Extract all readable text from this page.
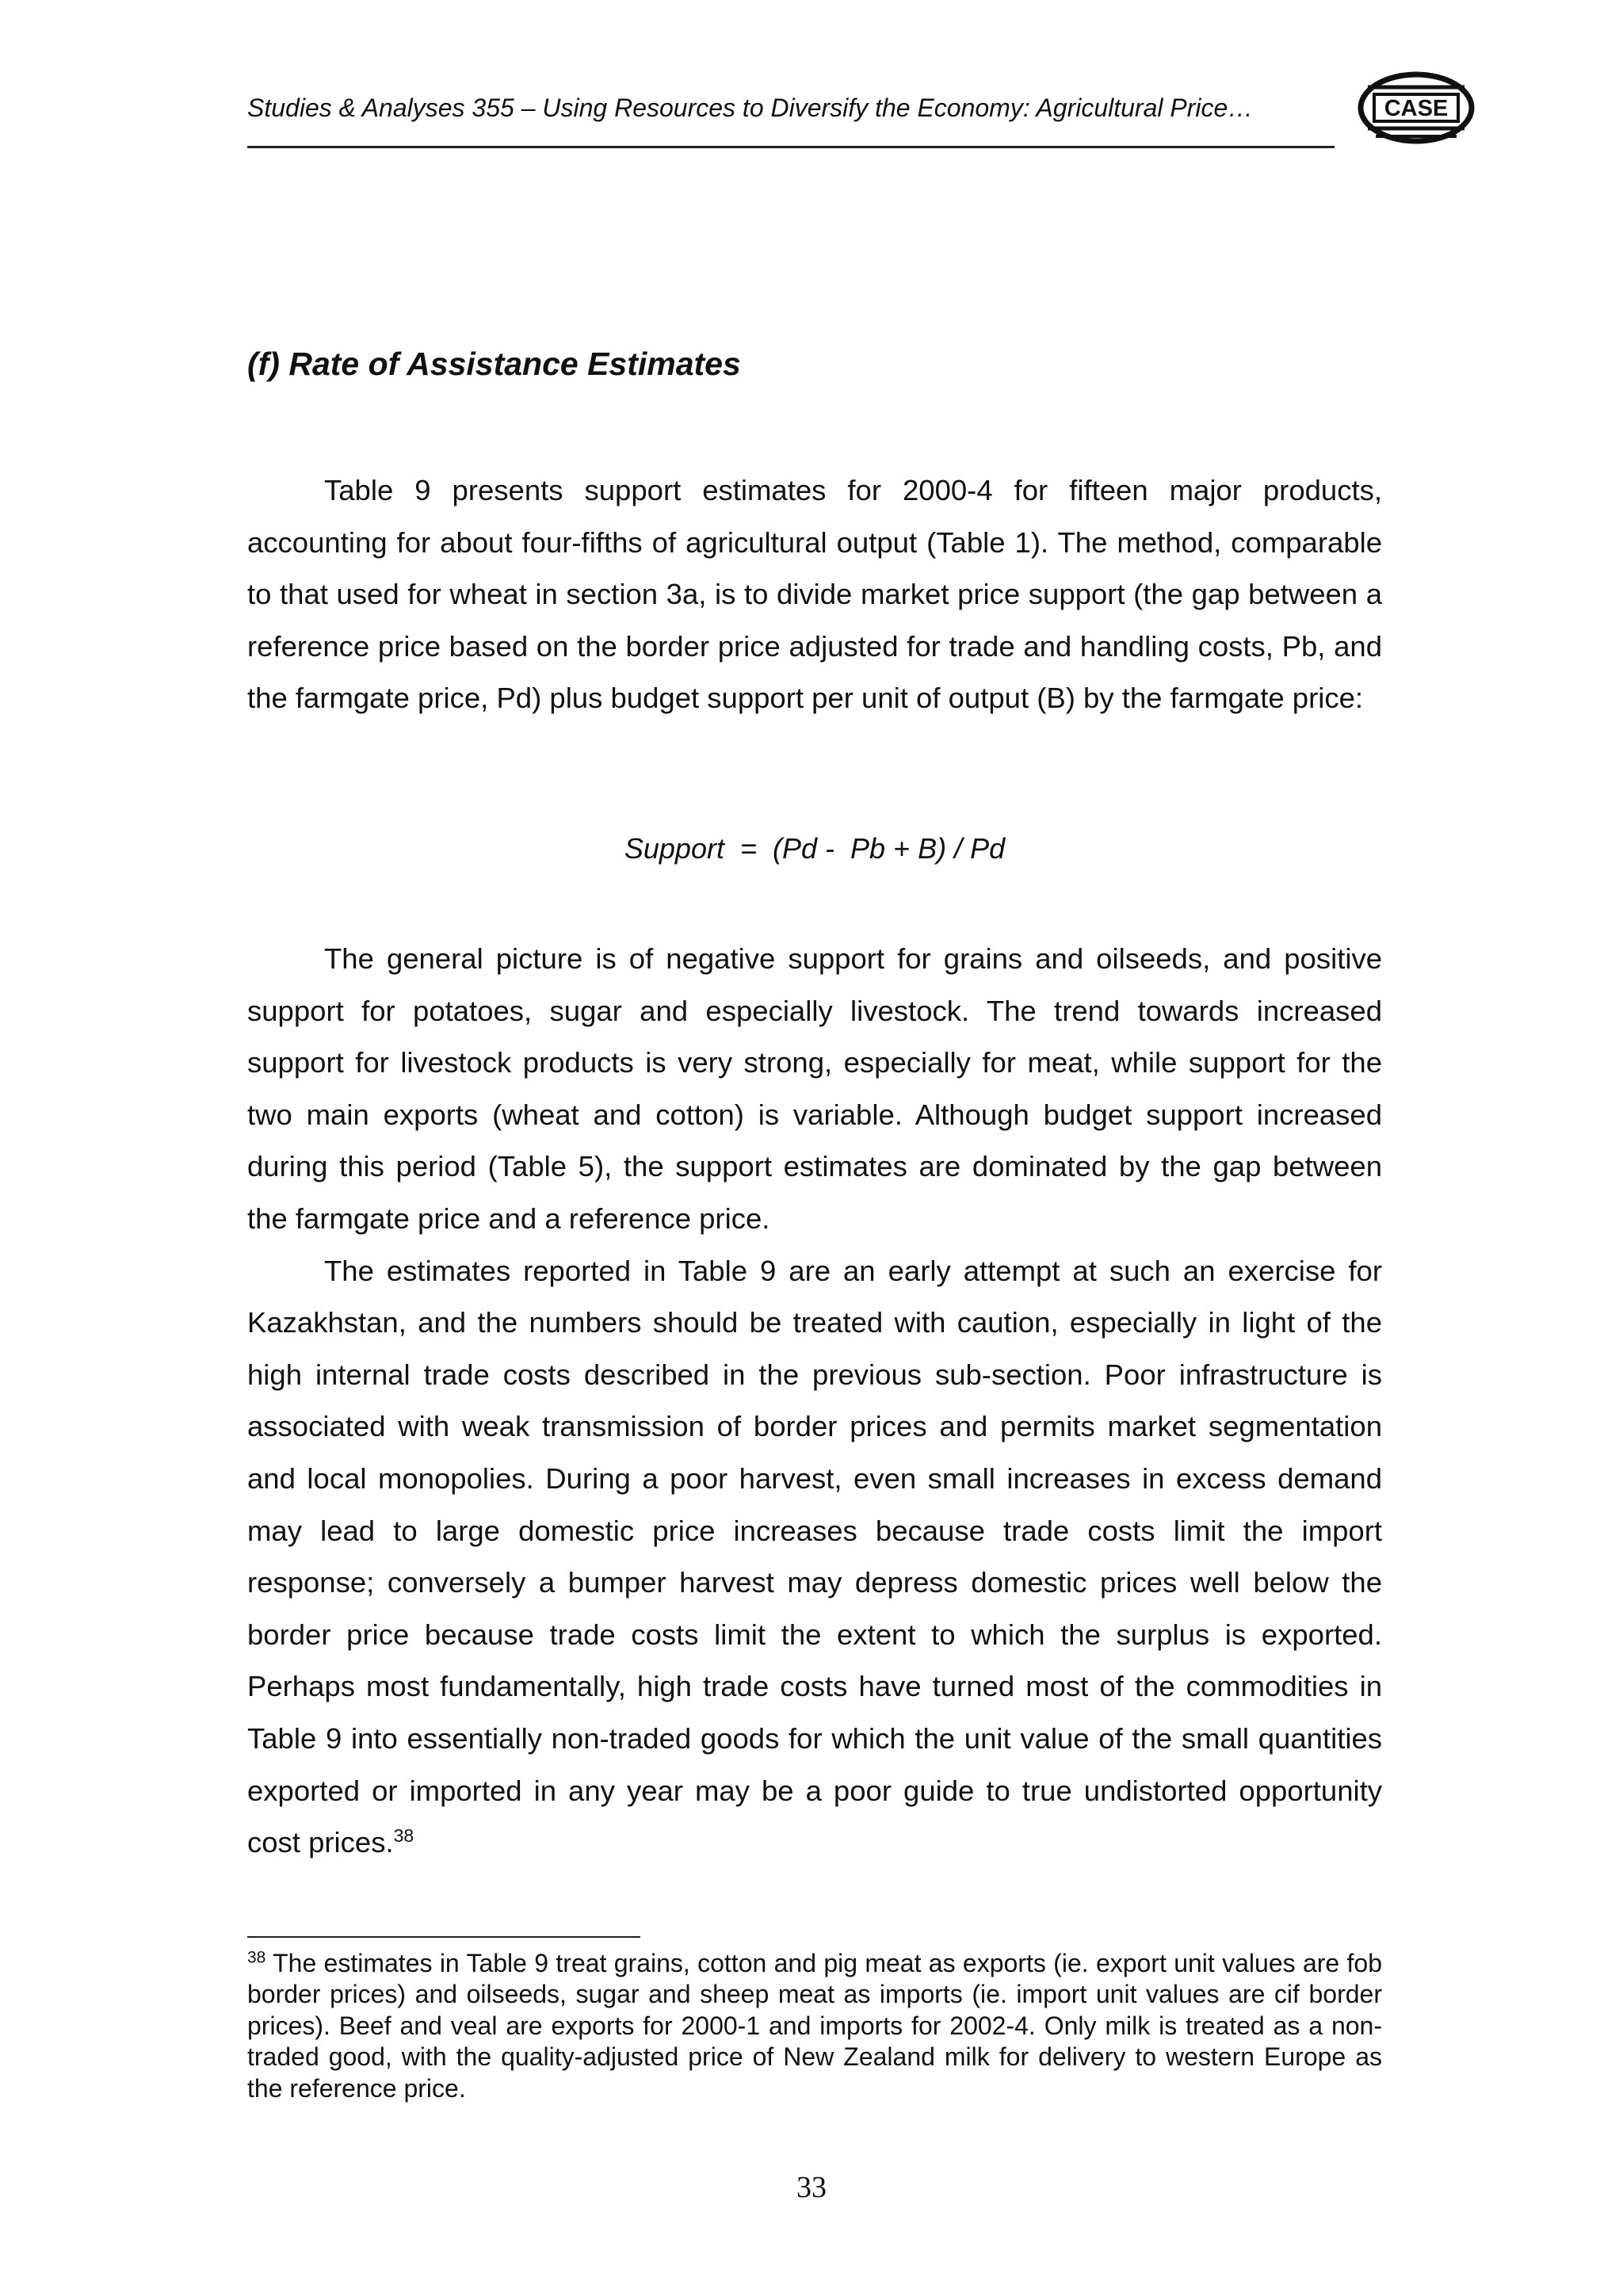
Studies & Analyses 355 – Using Resources to Diversify the Economy: Agricultural Price…	CASE
(f) Rate of Assistance Estimates

Table 9 presents support estimates for 2000-4 for fifteen major products, accounting for about four-fifths of agricultural output (Table 1). The method, comparable to that used for wheat in section 3a, is to divide market price support (the gap between a reference price based on the border price adjusted for trade and handling costs, Pb, and the farmgate price, Pd) plus budget support per unit of output (B) by the farmgate price:

Support  =  (Pd -  Pb + B) / Pd

The general picture is of negative support for grains and oilseeds, and positive support for potatoes, sugar and especially livestock. The trend towards increased support for livestock products is very strong, especially for meat, while support for the two main exports (wheat and cotton) is variable. Although budget support increased during this period (Table 5), the support estimates are dominated by the gap between the farmgate price and a reference price.

The estimates reported in Table 9 are an early attempt at such an exercise for Kazakhstan, and the numbers should be treated with caution, especially in light of the high internal trade costs described in the previous sub-section. Poor infrastructure is associated with weak transmission of border prices and permits market segmentation and local monopolies. During a poor harvest, even small increases in excess demand may lead to large domestic price increases because trade costs limit the import response; conversely a bumper harvest may depress domestic prices well below the border price because trade costs limit the extent to which the surplus is exported. Perhaps most fundamentally, high trade costs have turned most of the commodities in Table 9 into essentially non-traded goods for which the unit value of the small quantities exported or imported in any year may be a poor guide to true undistorted opportunity cost prices.$^{38}$

$^{38}$ The estimates in Table 9 treat grains, cotton and pig meat as exports (ie. export unit values are fob border prices) and oilseeds, sugar and sheep meat as imports (ie. import unit values are cif border prices). Beef and veal are exports for 2000-1 and imports for 2002-4. Only milk is treated as a non-traded good, with the quality-adjusted price of New Zealand milk for delivery to western Europe as the reference price.
33
